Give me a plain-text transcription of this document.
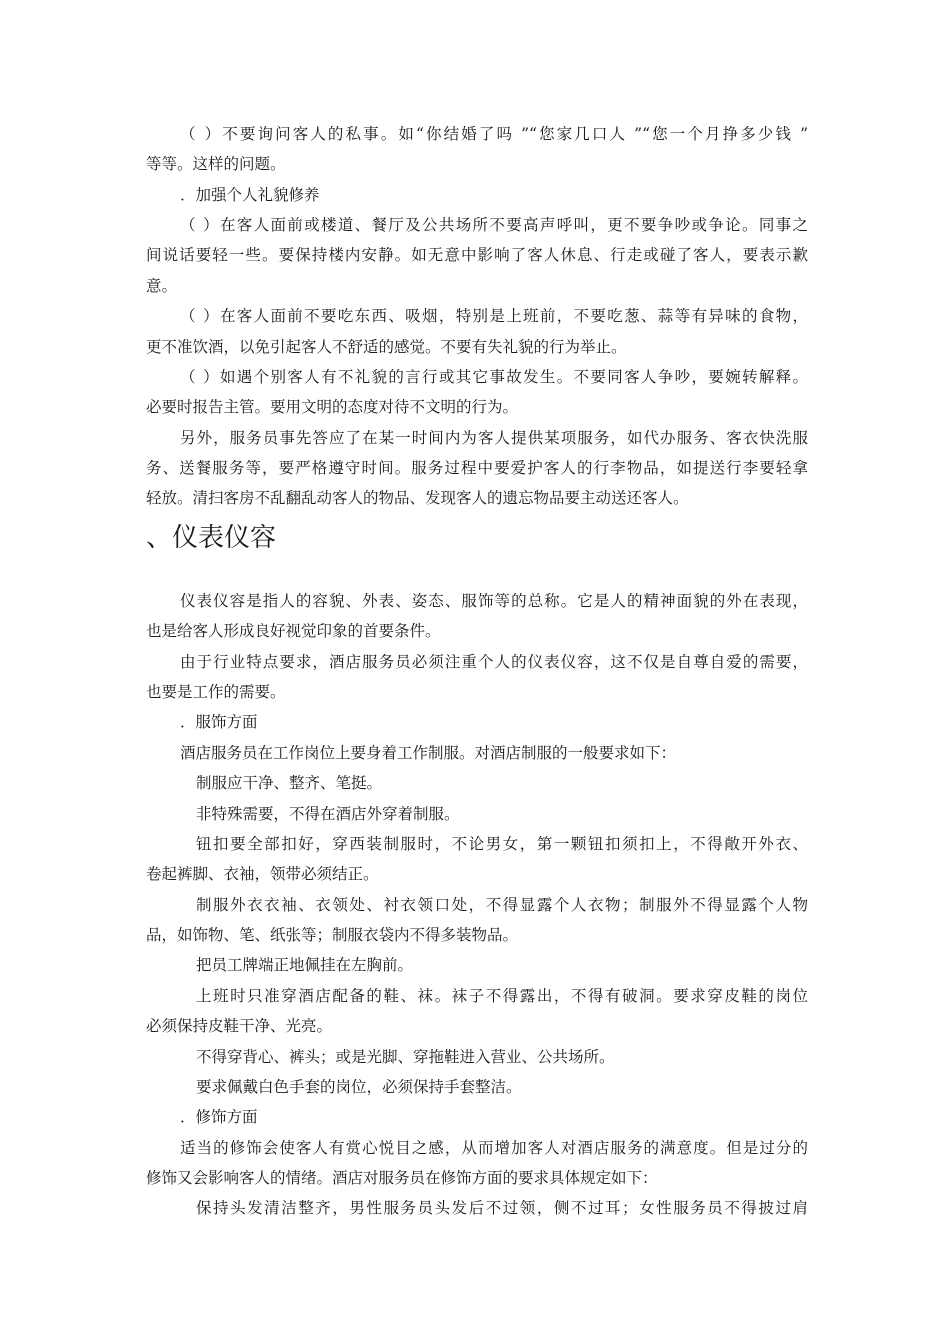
（ ）不要询问客人的私事。如“你结婚了吗 ”“您家几口人 ”“您一个月挣多少钱 ”

等等。这样的问题。

．加强个人礼貌修养

（ ）在客人面前或楼道、餐厅及公共场所不要高声呼叫，更不要争吵或争论。同事之

间说话要轻一些。要保持楼内安静。如无意中影响了客人休息、行走或碰了客人，要表示歉

意。

（ ）在客人面前不要吃东西、吸烟，特别是上班前，不要吃葱、蒜等有异味的食物，

更不准饮酒，以免引起客人不舒适的感觉。不要有失礼貌的行为举止。

（ ）如遇个别客人有不礼貌的言行或其它事故发生。不要同客人争吵，要婉转解释。

必要时报告主管。要用文明的态度对待不文明的行为。

另外，服务员事先答应了在某一时间内为客人提供某项服务，如代办服务、客衣快洗服

务、送餐服务等，要严格遵守时间。服务过程中要爱护客人的行李物品，如提送行李要轻拿

轻放。清扫客房不乱翻乱动客人的物品、发现客人的遗忘物品要主动送还客人。

、仪表仪容

仪表仪容是指人的容貌、外表、姿态、服饰等的总称。它是人的精神面貌的外在表现，

也是给客人形成良好视觉印象的首要条件。

由于行业特点要求，酒店服务员必须注重个人的仪表仪容，这不仅是自尊自爱的需要，

也要是工作的需要。

．服饰方面

酒店服务员在工作岗位上要身着工作制服。对酒店制服的一般要求如下：

制服应干净、整齐、笔挺。

非特殊需要，不得在酒店外穿着制服。

钮扣要全部扣好，穿西装制服时，不论男女，第一颗钮扣须扣上，不得敞开外衣、

卷起裤脚、衣袖，领带必须结正。

制服外衣衣袖、衣领处、衬衣领口处，不得显露个人衣物；制服外不得显露个人物

品，如饰物、笔、纸张等；制服衣袋内不得多装物品。

把员工牌端正地佩挂在左胸前。

上班时只准穿酒店配备的鞋、袜。袜子不得露出，不得有破洞。要求穿皮鞋的岗位

必须保持皮鞋干净、光亮。

不得穿背心、裤头；或是光脚、穿拖鞋进入营业、公共场所。

要求佩戴白色手套的岗位，必须保持手套整洁。

．修饰方面

适当的修饰会使客人有赏心悦目之感，从而增加客人对酒店服务的满意度。但是过分的

修饰又会影响客人的情绪。酒店对服务员在修饰方面的要求具体规定如下：

保持头发清洁整齐，男性服务员头发后不过领，侧不过耳；女性服务员不得披过肩
